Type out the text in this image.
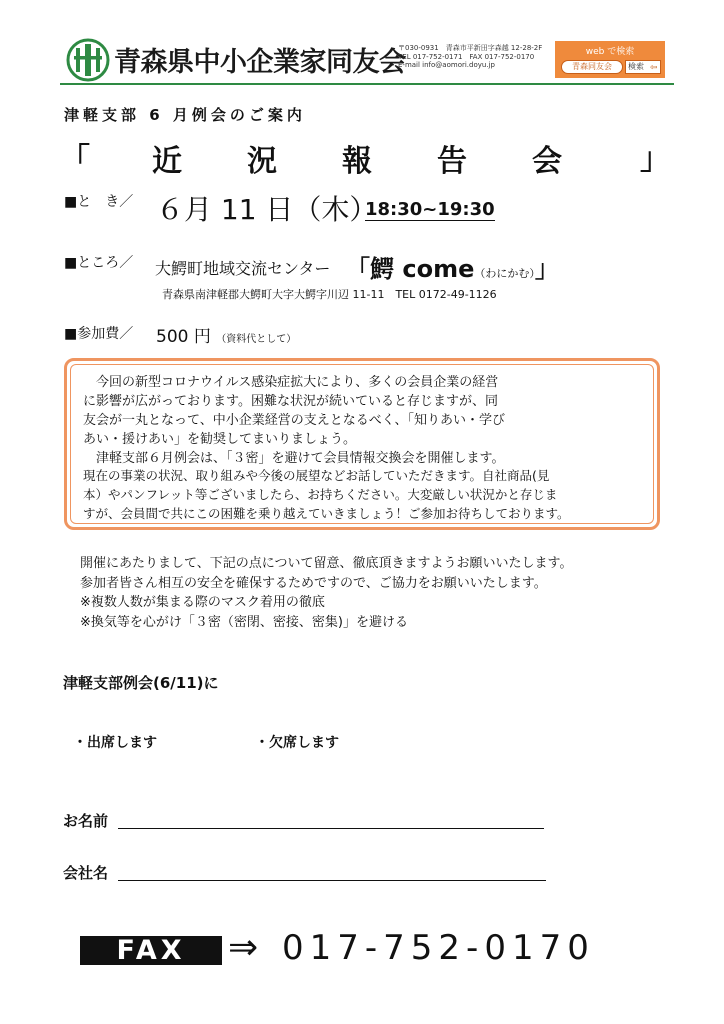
青森県中小企業家同友会
〒030-0931　青森市平新田字森越 12-28-2F
TEL 017-752-0171　FAX 017-752-0170
E-mail info@aomori.doyu.jp
web で検索
青森同友会	検索 ⇦
津軽支部 6 月例会のご案内
「 近 況 報 告 会	」
■と　き／ ６月 11 日（木）
18:30~19:30
■ところ／ 大鰐町地域交流センター 「鰐 come（わにかむ）」
青森県南津軽郡大鰐町大字大鰐字川辺 11-11　TEL 0172-49-1126
■参加費／ 500 円 （資料代として）
　今回の新型コロナウイルス感染症拡大により、多くの会員企業の経営
に影響が広がっております。困難な状況が続いていると存じますが、同
友会が一丸となって、中小企業経営の支えとなるべく、「知りあい・学び
あい・援けあい」を勧奨してまいりましょう。
　津軽支部６月例会は、「３密」を避けて会員情報交換会を開催します。
現在の事業の状況、取り組みや今後の展望などお話していただきます。自社商品(見
本）やパンフレット等ございましたら、お持ちください。大変厳しい状況かと存じま
すが、会員間で共にこの困難を乗り越えていきましょう！ご参加お待ちしております。
開催にあたりまして、下記の点について留意、徹底頂きますようお願いいたします。
参加者皆さん相互の安全を確保するためですので、ご協力をお願いいたします。
※複数人数が集まる際のマスク着用の徹底
※換気等を心がけ「３密（密閉、密接、密集)」を避ける
津軽支部例会(6/11)に
・出席します	・欠席します
お名前
会社名
FAX	⇒ 017-752-0170
